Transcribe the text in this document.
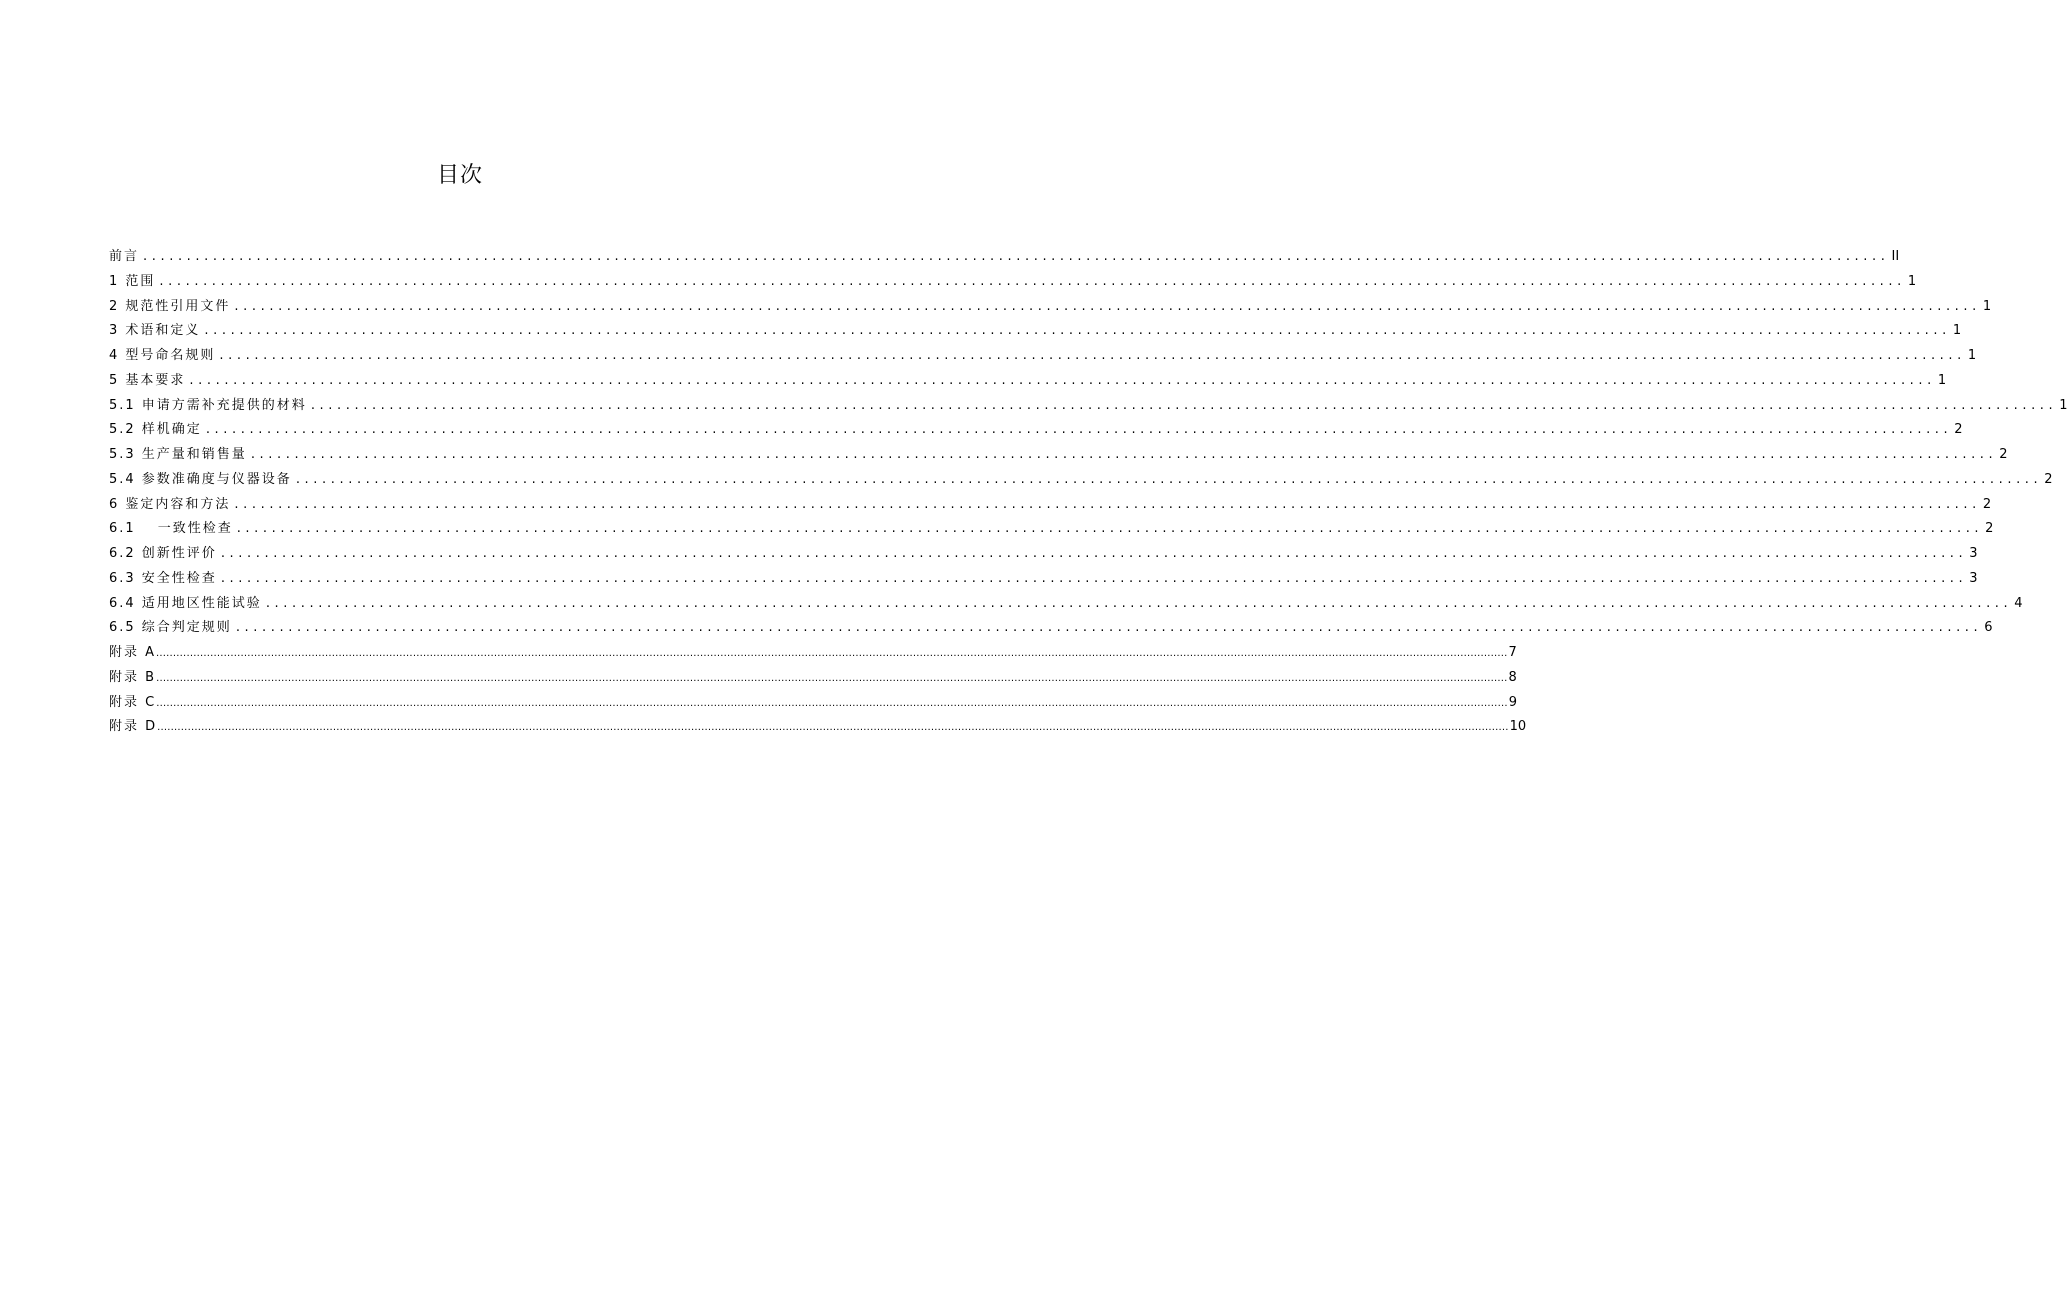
目次
前言 ........................................................................................................................................................................................................ II
1 范围 ........................................................................................................................................................................................................ 1
2 规范性引用文件 ........................................................................................................................................................................................................ 1
3 术语和定义 ........................................................................................................................................................................................................ 1
4 型号命名规则 ........................................................................................................................................................................................................ 1
5 基本要求 ........................................................................................................................................................................................................ 1
5.1 申请方需补充提供的材料 ........................................................................................................................................................................................................ 1
5.2 样机确定 ........................................................................................................................................................................................................ 2
5.3 生产量和销售量 ........................................................................................................................................................................................................ 2
5.4 参数准确度与仪器设备 ........................................................................................................................................................................................................ 2
6 鉴定内容和方法 ........................................................................................................................................................................................................ 2
6.1 一致性检查 ........................................................................................................................................................................................................ 2
6.2 创新性评价 ........................................................................................................................................................................................................ 3
6.3 安全性检查 ........................................................................................................................................................................................................ 3
6.4 适用地区性能试验 ........................................................................................................................................................................................................ 4
6.5 综合判定规则 ........................................................................................................................................................................................................ 6
附录 A ................................................................................................................................................................................................................................................................................................................................................................................................................ 7
附录 B ................................................................................................................................................................................................................................................................................................................................................................................................................ 8
附录 C ................................................................................................................................................................................................................................................................................................................................................................................................................ 9
附录 D ................................................................................................................................................................................................................................................................................................................................................................................................................ 10
